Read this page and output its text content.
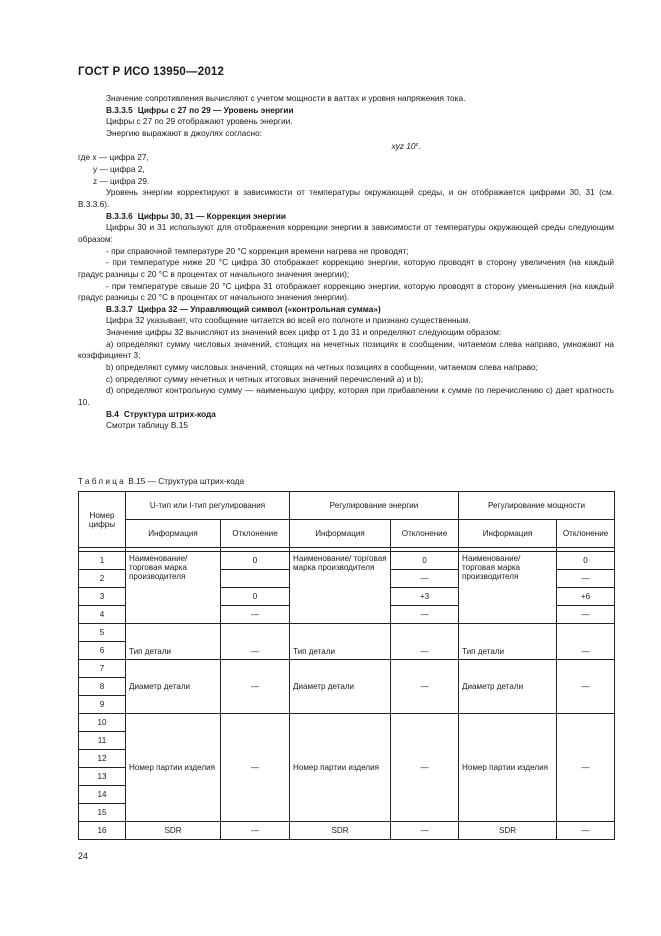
ГОСТ Р ИСО 13950—2012

Значение сопротивления вычисляют с учетом мощности в ваттах и уровня напряжения тока.

В.3.3.5 Цифры с 27 по 29 — Уровень энергии

Цифры с 27 по 29 отображают уровень энергии.

Энергию выражают в джоулях согласно:

xyz 10$^z$.

где x — цифра 27,

y — цифра 2,

z — цифра 29.

Уровень энергии корректируют в зависимости от температуры окружающей среды, и он отображается цифрами 30, 31 (см. В.3.3.6).

В.3.3.6 Цифры 30, 31 — Коррекция энергии

Цифры 30 и 31 используют для отображения коррекции энергии в зависимости от температуры окружающей среды следующим образом:

- при справочной температуре 20 °С коррекция времени нагрева не проводят;

- при температуре ниже 20 °С цифра 30 отображает коррекцию энергии, которую проводят в сторону увеличения (на каждый градус разницы с 20 °С в процентах от начального значения энергии);

- при температуре свыше 20 °С цифра 31 отображает коррекцию энергии, которую проводят в сторону уменьшения (на каждый градус разницы с 20 °С в процентах от начального значения энергии).

В.3.3.7 Цифра 32 — Управляющий символ («контрольная сумма»)

Цифра 32 указывает, что сообщение читается во всей его полноте и признано существенным.

Значение цифры 32 вычисляют из значений всех цифр от 1 до 31 и определяют следующим образом:

a) определяют сумму числовых значений, стоящих на нечетных позициях в сообщении, читаемом слева направо, умножают на коэффициент 3;

b) определяют сумму числовых значений, стоящих на четных позициях в сообщении, читаемом слева направо;

c) определяют сумму нечетных и четных итоговых значений перечислений a) и b);

d) определяют контрольную сумму — наименьшую цифру, которая при прибавлении к сумме по перечислению c) дает кратность 10.

В.4 Структура штрих-кода

Смотри таблицу В.15

Таблица В.15 — Структура штрих-кода
Номер цифры	U-тип или I-тип регулирования		Регулирование энергии		Регулирование мощности	
	Информация	Отклонение	Информация	Отклонение	Информация	Отклонение

1	Наименование/ торговая марка производителя	0	Наименование/ торговая марка производителя	0	Наименование/ торговая марка производителя	0
2				—		—
3		0		+3		+6
4		—		—		—
5	Тип детали	—	Тип детали	—	Тип детали	—
6						
7	Диаметр детали	—	Диаметр детали	—	Диаметр детали	—
8						
9						
10	Номер партии изделия	—	Номер партии изделия	—	Номер партии изделия	—
11						
12						
13						
14						
15						
16	SDR	—	SDR	—	SDR	—
24
